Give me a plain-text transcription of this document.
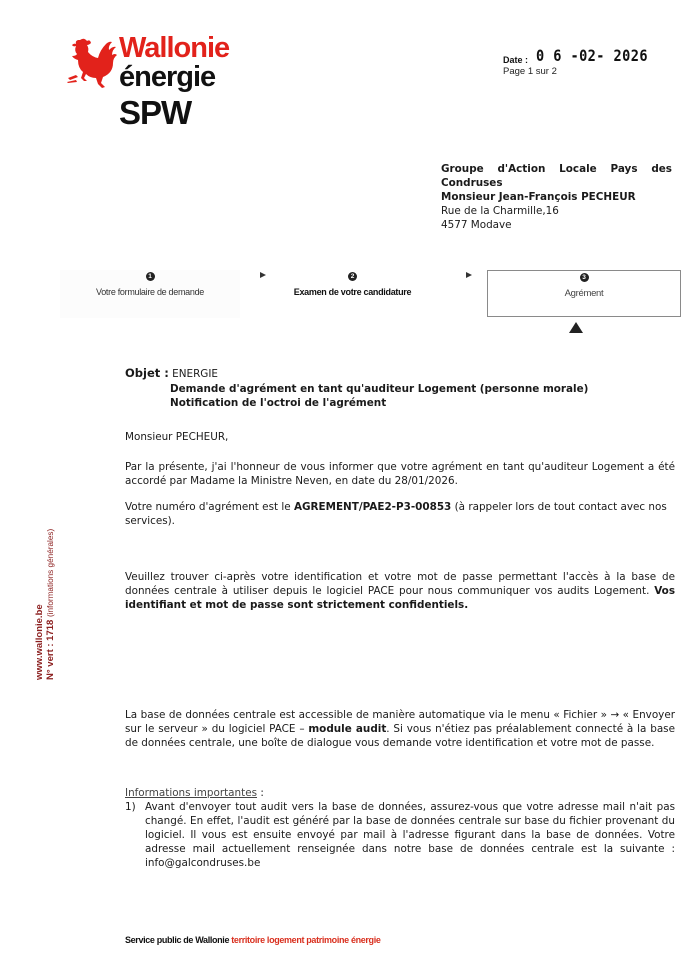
Wallonie
énergie
SPW
Date : 0 6 -02- 2026
Page 1 sur 2
Groupe d'Action Locale Pays des
Condruses
Monsieur Jean-François PECHEUR
Rue de la Charmille,16
4577 Modave
1
Votre formulaire de demande
2
Examen de votre candidature
3
Agrément
Objet : ENERGIE
Demande d'agrément en tant qu'auditeur Logement (personne morale)
Notification de l'octroi de l'agrément
Monsieur PECHEUR,
Par la présente, j'ai l'honneur de vous informer que votre agrément en tant qu'auditeur Logement a été accordé par Madame la Ministre Neven, en date du 28/01/2026.
Votre numéro d'agrément est le AGREMENT/PAE2-P3-00853 (à rappeler lors de tout contact avec nos services).
Veuillez trouver ci-après votre identification et votre mot de passe permettant l'accès à la base de données centrale à utiliser depuis le logiciel PACE pour nous communiquer vos audits Logement. Vos identifiant et mot de passe sont strictement confidentiels.
La base de données centrale est accessible de manière automatique via le menu « Fichier » → « Envoyer sur le serveur » du logiciel PACE – module audit. Si vous n'étiez pas préalablement connecté à la base de données centrale, une boîte de dialogue vous demande votre identification et votre mot de passe.
Informations importantes :
1) Avant d'envoyer tout audit vers la base de données, assurez-vous que votre adresse mail n'ait pas changé. En effet, l'audit est généré par la base de données centrale sur base du fichier provenant du logiciel. Il vous est ensuite envoyé par mail à l'adresse figurant dans la base de données. Votre adresse mail actuellement renseignée dans notre base de données centrale est la suivante : info@galcondruses.be
www.wallonie.be N° vert : 1718 (informations générales)
Service public de Wallonie territoire logement patrimoine énergie
